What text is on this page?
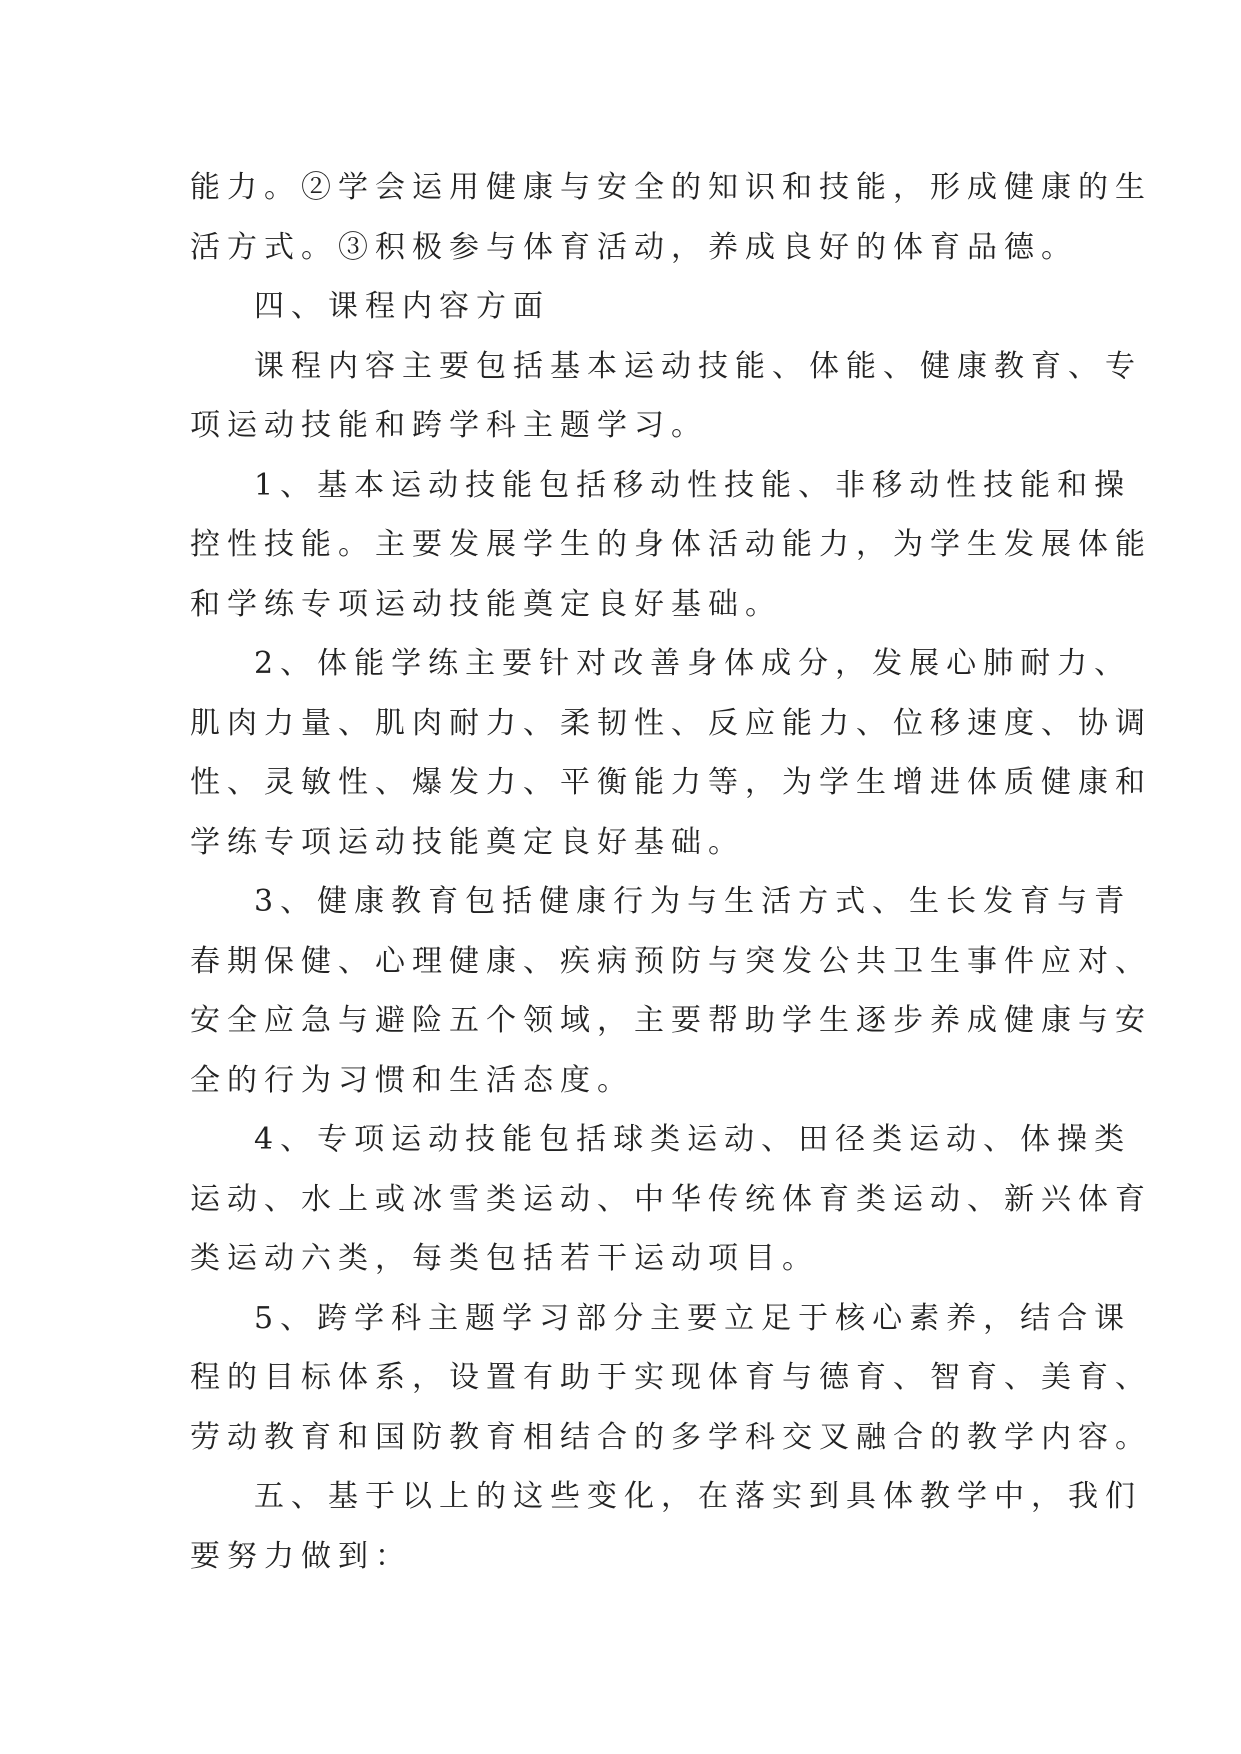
能力。②学会运用健康与安全的知识和技能，形成健康的生
活方式。③积极参与体育活动，养成良好的体育品德。
四、课程内容方面
课程内容主要包括基本运动技能、体能、健康教育、专
项运动技能和跨学科主题学习。
1、基本运动技能包括移动性技能、非移动性技能和操
控性技能。主要发展学生的身体活动能力，为学生发展体能
和学练专项运动技能奠定良好基础。
2、体能学练主要针对改善身体成分，发展心肺耐力、
肌肉力量、肌肉耐力、柔韧性、反应能力、位移速度、协调
性、灵敏性、爆发力、平衡能力等，为学生增进体质健康和
学练专项运动技能奠定良好基础。
3、健康教育包括健康行为与生活方式、生长发育与青
春期保健、心理健康、疾病预防与突发公共卫生事件应对、
安全应急与避险五个领域，主要帮助学生逐步养成健康与安
全的行为习惯和生活态度。
4、专项运动技能包括球类运动、田径类运动、体操类
运动、水上或冰雪类运动、中华传统体育类运动、新兴体育
类运动六类，每类包括若干运动项目。
5、跨学科主题学习部分主要立足于核心素养，结合课
程的目标体系，设置有助于实现体育与德育、智育、美育、
劳动教育和国防教育相结合的多学科交叉融合的教学内容。
五、基于以上的这些变化，在落实到具体教学中，我们
要努力做到：
